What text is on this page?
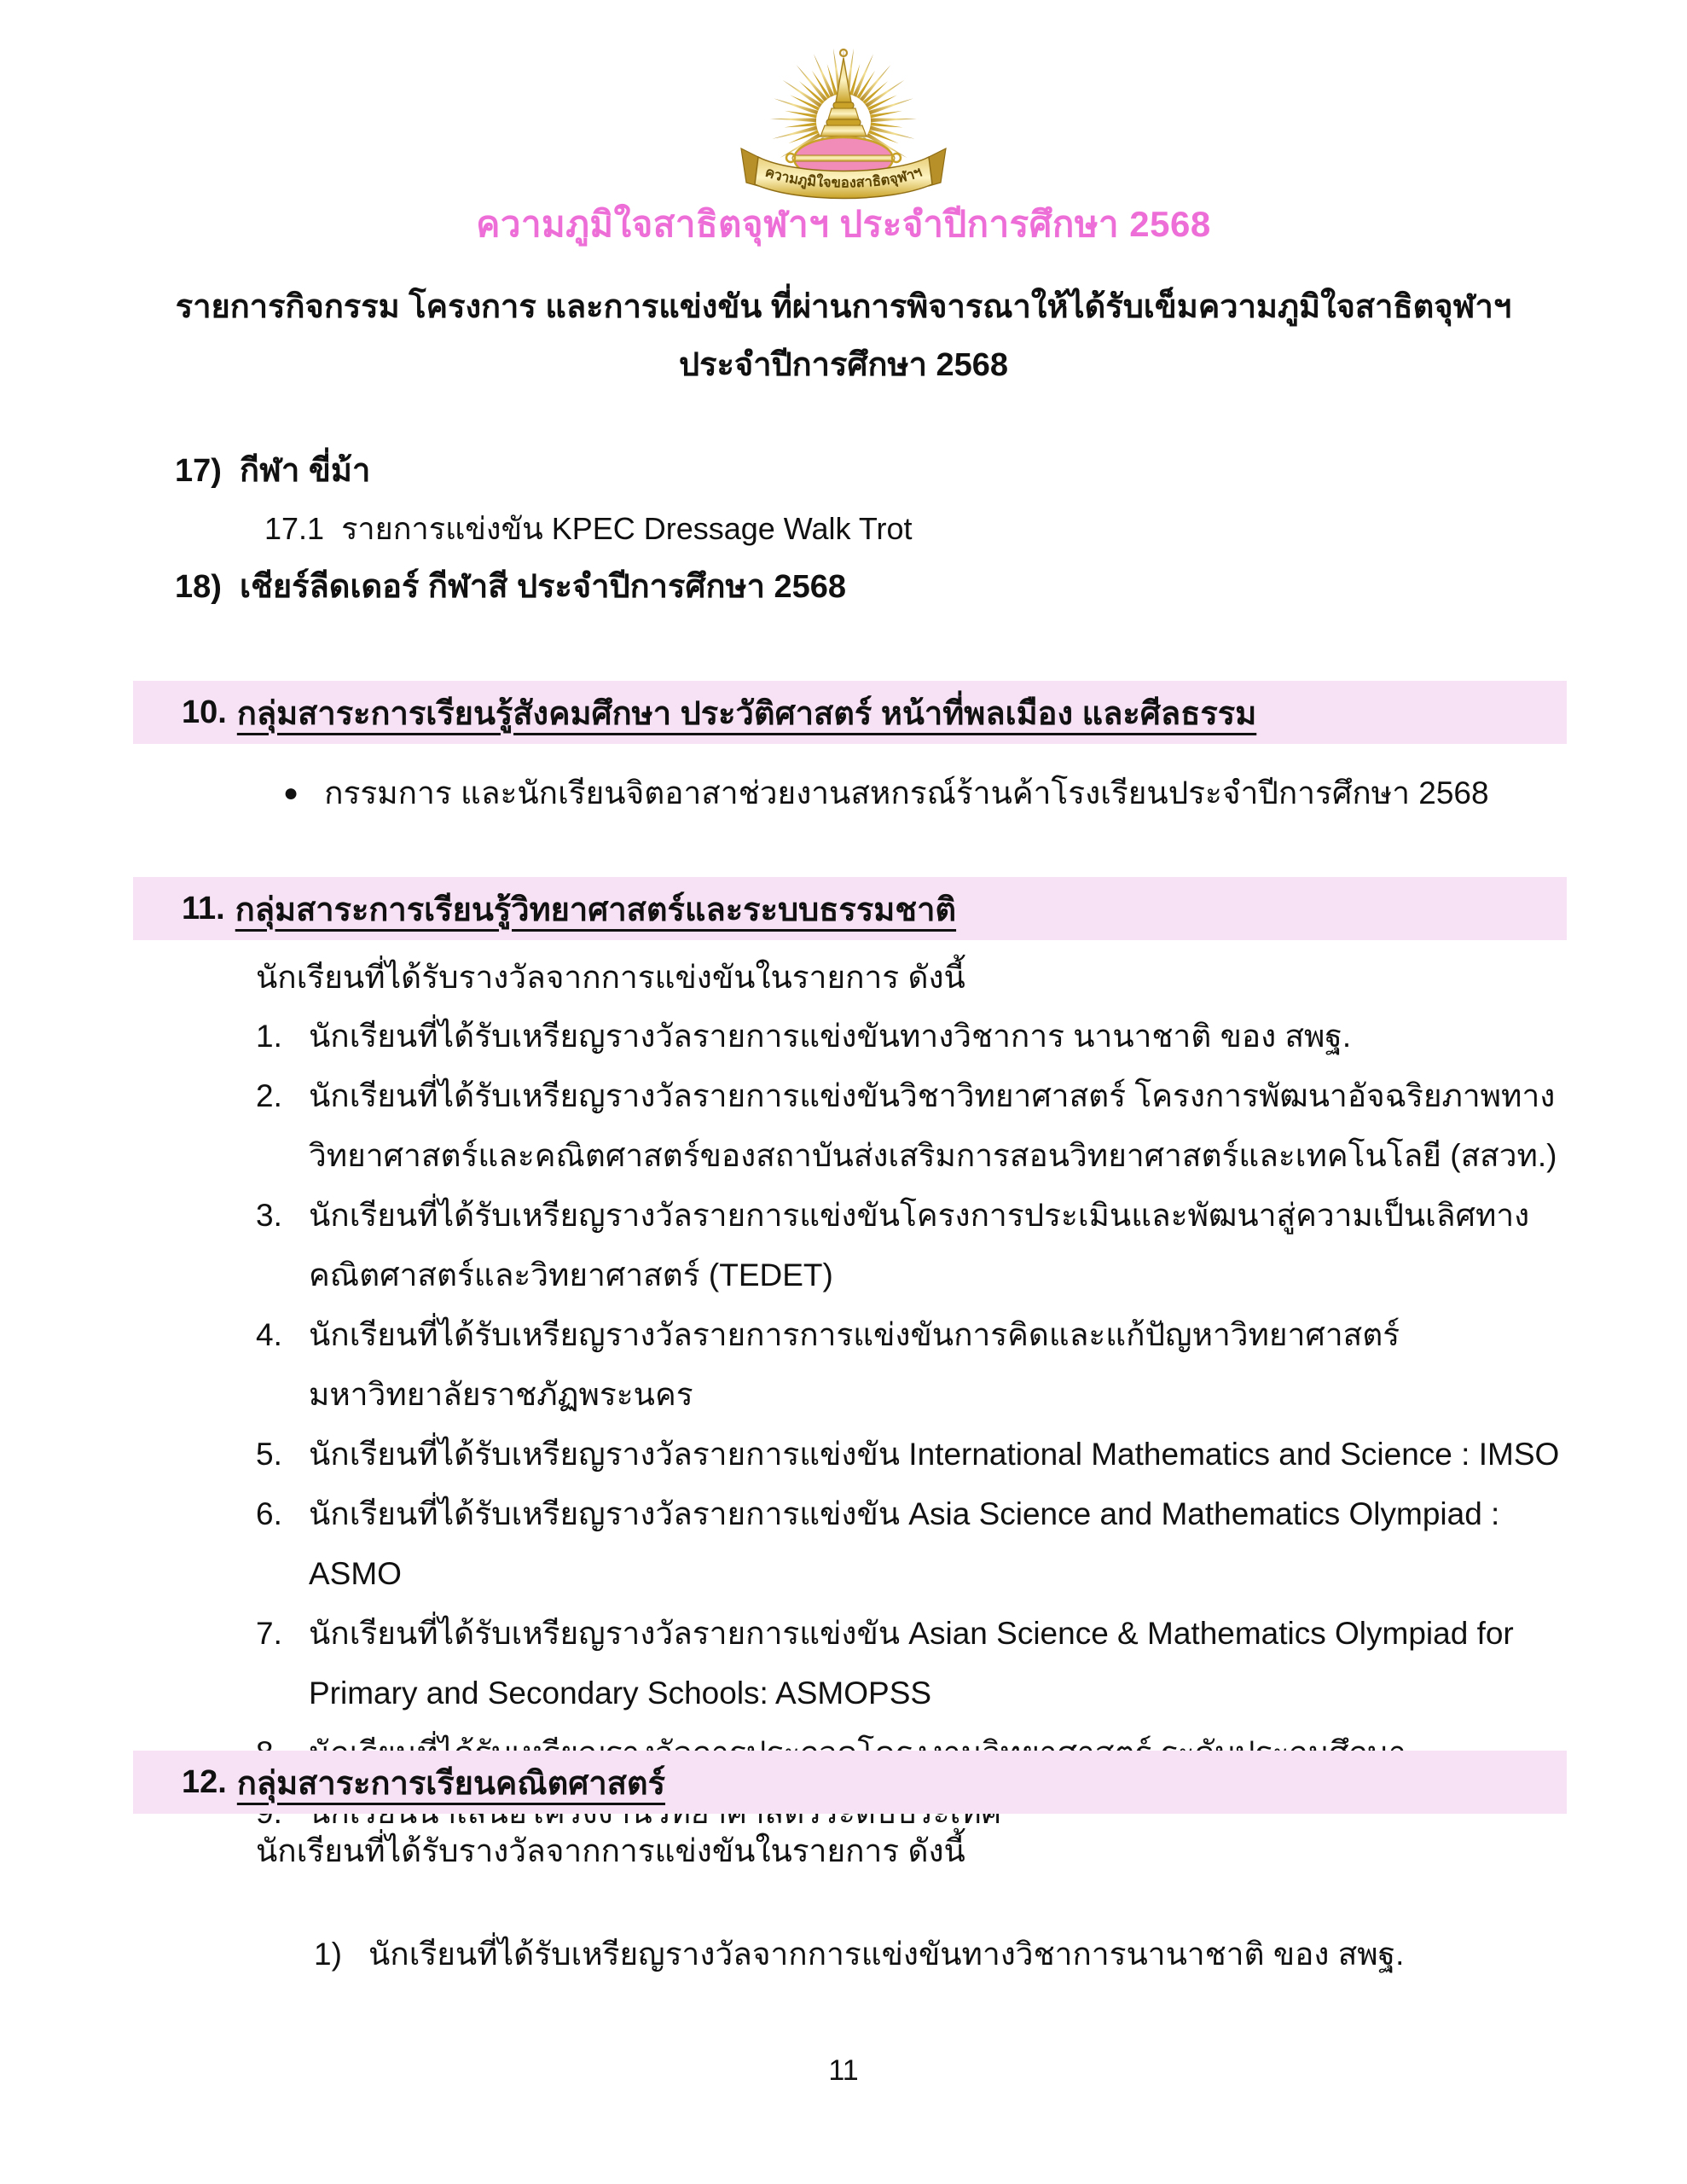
ความภูมิใจของสาธิตจุฬาฯ
ความภูมิใจสาธิตจุฬาฯ ประจำปีการศึกษา 2568
รายการกิจกรรม โครงการ และการแข่งขัน ที่ผ่านการพิจารณาให้ได้รับเข็มความภูมิใจสาธิตจุฬาฯ
ประจำปีการศึกษา 2568
17) กีฬา ขี่ม้า
17.1 รายการแข่งขัน KPEC Dressage Walk Trot
18) เชียร์ลีดเดอร์ กีฬาสี ประจำปีการศึกษา 2568
10. กลุ่มสาระการเรียนรู้สังคมศึกษา ประวัติศาสตร์ หน้าที่พลเมือง และศีลธรรม
● กรรมการ และนักเรียนจิตอาสาช่วยงานสหกรณ์ร้านค้าโรงเรียนประจำปีการศึกษา 2568
11. กลุ่มสาระการเรียนรู้วิทยาศาสตร์และระบบธรรมชาติ
นักเรียนที่ได้รับรางวัลจากการแข่งขันในรายการ ดังนี้
1. นักเรียนที่ได้รับเหรียญรางวัลรายการแข่งขันทางวิชาการ นานาชาติ ของ สพฐ.
2. นักเรียนที่ได้รับเหรียญรางวัลรายการแข่งขันวิชาวิทยาศาสตร์ โครงการพัฒนาอัจฉริยภาพทางวิทยาศาสตร์และคณิตศาสตร์ของสถาบันส่งเสริมการสอนวิทยาศาสตร์และเทคโนโลยี (สสวท.)
3. นักเรียนที่ได้รับเหรียญรางวัลรายการแข่งขันโครงการประเมินและพัฒนาสู่ความเป็นเลิศทางคณิตศาสตร์และวิทยาศาสตร์ (TEDET)
4. นักเรียนที่ได้รับเหรียญรางวัลรายการการแข่งขันการคิดและแก้ปัญหาวิทยาศาสตร์ มหาวิทยาลัยราชภัฏพระนคร
5. นักเรียนที่ได้รับเหรียญรางวัลรายการแข่งขัน International Mathematics and Science : IMSO
6. นักเรียนที่ได้รับเหรียญรางวัลรายการแข่งขัน Asia Science and Mathematics Olympiad : ASMO
7. นักเรียนที่ได้รับเหรียญรางวัลรายการแข่งขัน Asian Science & Mathematics Olympiad for Primary and Secondary Schools: ASMOPSS
12. กลุ่มสาระการเรียนคณิตศาสตร์
นักเรียนที่ได้รับรางวัลจากการแข่งขันในรายการ ดังนี้
1) นักเรียนที่ได้รับเหรียญรางวัลจากการแข่งขันทางวิชาการนานาชาติ ของ สพฐ.
11
